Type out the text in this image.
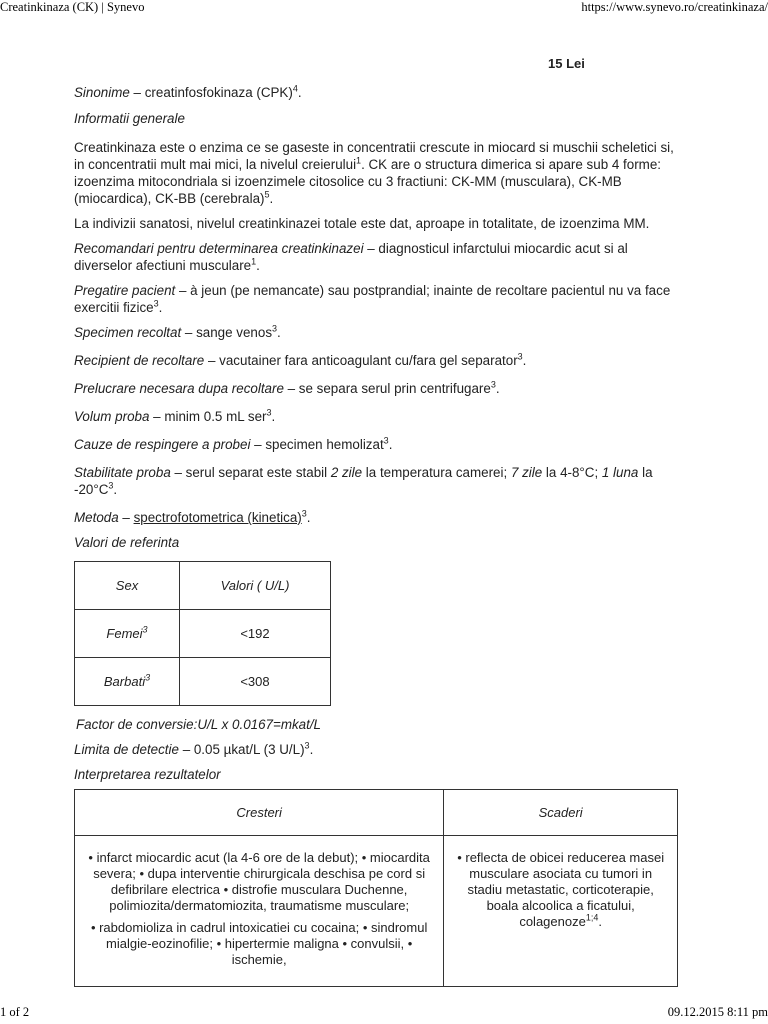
Creatinkinaza (CK) | Synevo	https://www.synevo.ro/creatinkinaza/
15 Lei

Sinonime – creatinfosfokinaza (CPK)$^4$.

Informatii generale

Creatinkinaza este o enzima ce se gaseste in concentratii crescute in miocard si muschii scheletici si, in concentratii mult mai mici, la nivelul creierului$^1$. CK are o structura dimerica si apare sub 4 forme: izoenzima mitocondriala si izoenzimele citosolice cu 3 fractiuni: CK-MM (musculara), CK-MB (miocardica), CK-BB (cerebrala)$^5$.

La indivizii sanatosi, nivelul creatinkinazei totale este dat, aproape in totalitate, de izoenzima MM.

Recomandari pentru determinarea creatinkinazei – diagnosticul infarctului miocardic acut si al diverselor afectiuni musculare$^1$.

Pregatire pacient – à jeun (pe nemancate) sau postprandial; inainte de recoltare pacientul nu va face exercitii fizice$^3$.

Specimen recoltat – sange venos$^3$.

Recipient de recoltare – vacutainer fara anticoagulant cu/fara gel separator$^3$.

Prelucrare necesara dupa recoltare – se separa serul prin centrifugare$^3$.

Volum proba – minim 0.5 mL ser$^3$.

Cauze de respingere a probei – specimen hemolizat$^3$.

Stabilitate proba – serul separat este stabil 2 zile la temperatura camerei; 7 zile la 4-8°C; 1 luna la $-20^\circ C^3$.

Metoda – spectrofotometrica (kinetica)$^3$.

Valori de referinta

Sex	Valori ( U/L)
Femei$^3$	<192
Barbati$^3$	<308
Factor de conversie:U/L x 0.0167=mkat/L

Limita de detectie – 0.05 µkat/L (3 U/L)$^3$.

Interpretarea rezultatelor

Cresteri	Scaderi

• infarct miocardic acut (la 4-6 ore de la debut); • miocardita severa; • dupa interventie chirurgicala deschisa pe cord si defibrilare electrica • distrofie musculara Duchenne, polimiozita/dermatomiozita, traumatisme musculare;
• rabdomioliza in cadrul intoxicatiei cu cocaina; • sindromul mialgie-eozinofilie; • hipertermie maligna • convulsii, • ischemie,	• reflecta de obicei reducerea masei musculare asociata cu tumori in stadiu metastatic, corticoterapie, boala alcoolica a ficatului, colagenoze$^{1;4}$.
1 of 2	09.12.2015 8:11 pm
